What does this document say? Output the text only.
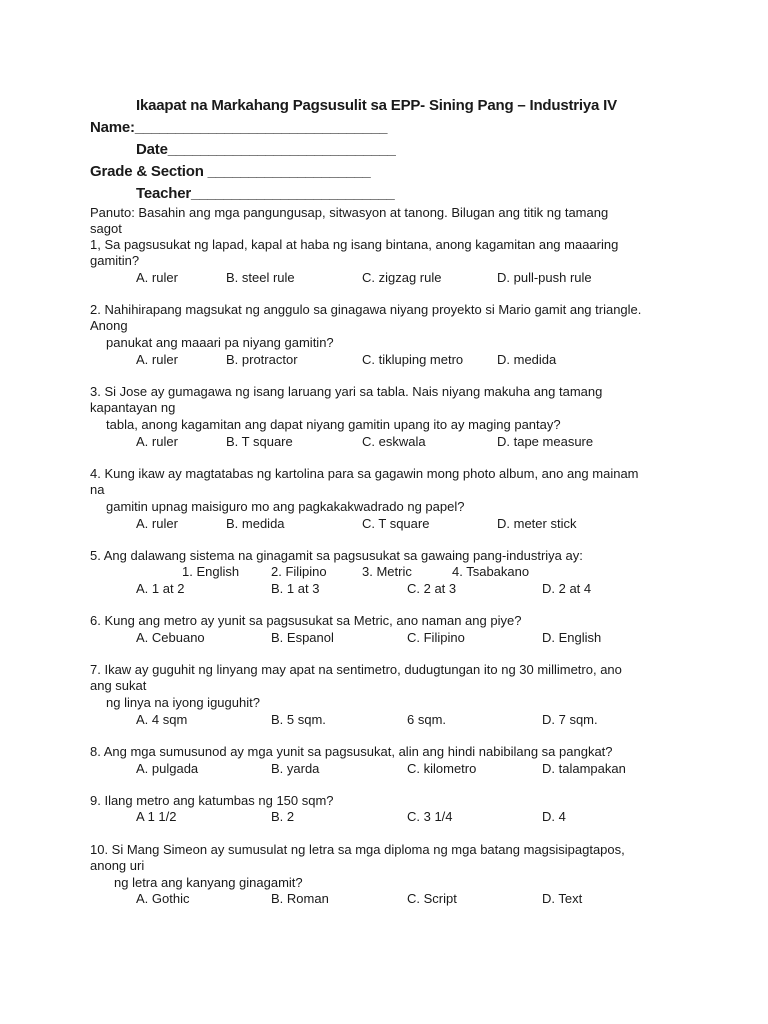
Ikaapat na Markahang Pagsusulit sa EPP- Sining Pang – Industriya IV
Name:_______________________________
Date____________________________
Grade & Section ____________________
Teacher_________________________
Panuto: Basahin ang mga pangungusap, sitwasyon at tanong. Bilugan ang titik ng tamang
sagot
1, Sa pagsusukat ng lapad, kapal at haba ng isang bintana, anong kagamitan ang maaaring
gamitin?
A. ruler	B. steel rule	C. zigzag rule	D. pull-push rule
2. Nahihirapang magsukat ng anggulo sa ginagawa niyang proyekto si Mario gamit ang triangle.
Anong
panukat ang maaari pa niyang gamitin?
A. ruler	B. protractor	C. tikluping metro	D. medida
3. Si Jose ay gumagawa ng isang laruang yari sa tabla. Nais niyang makuha ang tamang
kapantayan ng
tabla, anong kagamitan ang dapat niyang gamitin upang ito ay maging pantay?
A. ruler	B. T square	C. eskwala	D. tape measure
4. Kung ikaw ay magtatabas ng kartolina para sa gagawin mong photo album, ano ang mainam
na
gamitin upnag maisiguro mo ang pagkakakwadrado ng papel?
A. ruler	B. medida	C. T square	D. meter stick
5. Ang dalawang sistema na ginagamit sa pagsusukat sa gawaing pang-industriya ay:
1. English 2. Filipino	3. Metric	4. Tsabakano
A. 1 at 2	B. 1 at 3	C. 2 at 3	D. 2 at 4
6. Kung ang metro ay yunit sa pagsusukat sa Metric, ano naman ang piye?
A. Cebuano	B. Espanol	C. Filipino	D. English
7. Ikaw ay guguhit ng linyang may apat na sentimetro, dudugtungan ito ng 30 millimetro, ano
ang sukat
ng linya na iyong iguguhit?
A. 4 sqm	B. 5 sqm.	6 sqm.	D. 7 sqm.
8. Ang mga sumusunod ay mga yunit sa pagsusukat, alin ang hindi nabibilang sa pangkat?
A. pulgada	B. yarda	C. kilometro	D. talampakan
9. Ilang metro ang katumbas ng 150 sqm?
A 1 1/2	B. 2	C. 3 1/4	D. 4
10. Si Mang Simeon ay sumusulat ng letra sa mga diploma ng mga batang magsisipagtapos,
anong uri
ng letra ang kanyang ginagamit?
A. Gothic	B. Roman	C. Script	D. Text
